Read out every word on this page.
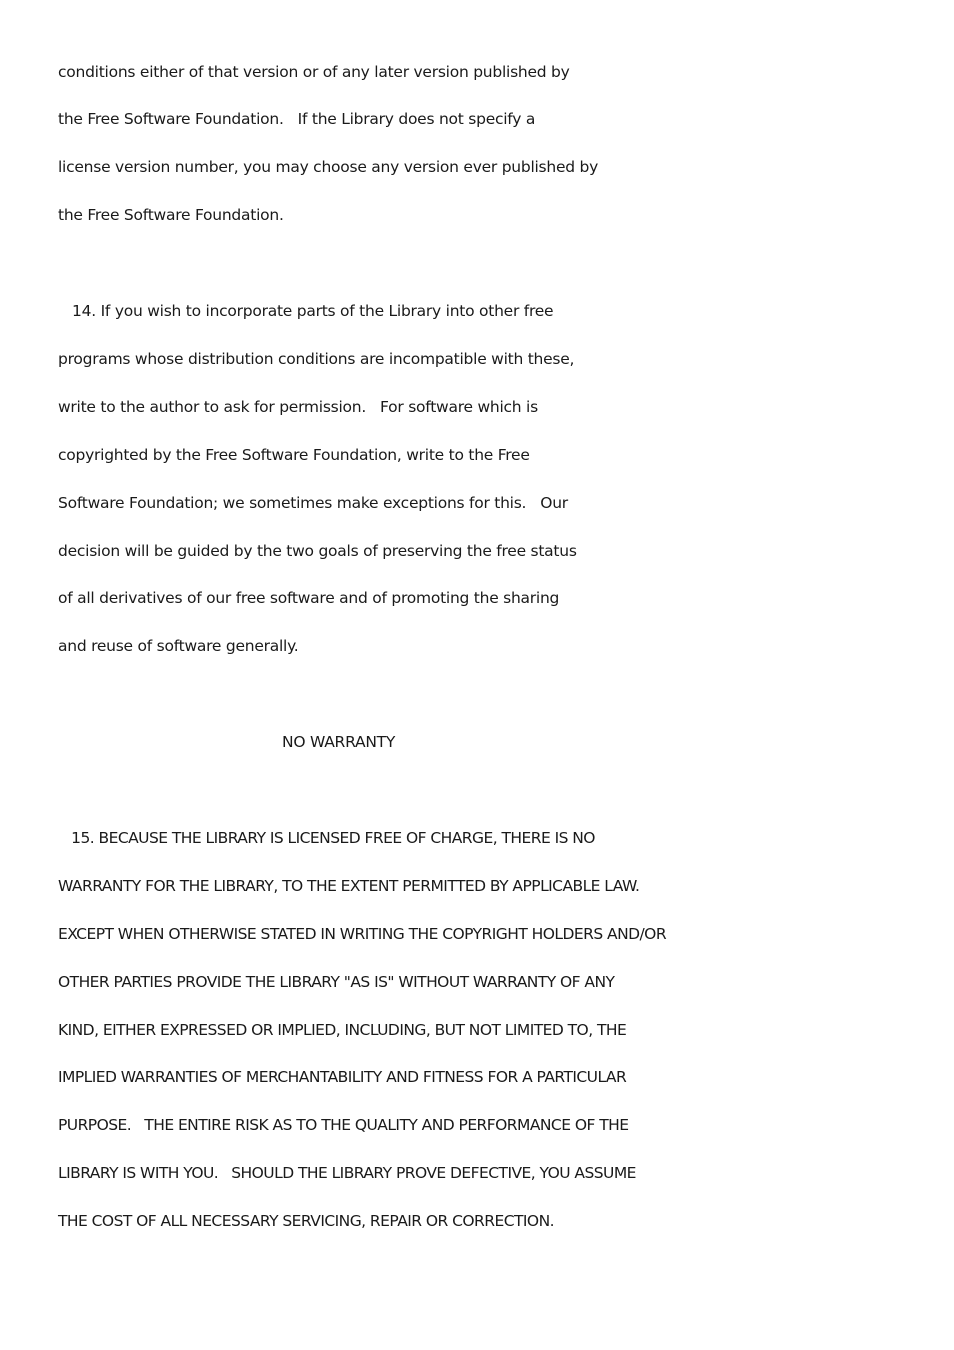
conditions either of that version or of any later version published by
the Free Software Foundation.   If the Library does not specify a
license version number, you may choose any version ever published by
the Free Software Foundation.
14. If you wish to incorporate parts of the Library into other free
programs whose distribution conditions are incompatible with these,
write to the author to ask for permission.   For software which is
copyrighted by the Free Software Foundation, write to the Free
Software Foundation; we sometimes make exceptions for this.   Our
decision will be guided by the two goals of preserving the free status
of all derivatives of our free software and of promoting the sharing
and reuse of software generally.
NO WARRANTY
15. BECAUSE THE LIBRARY IS LICENSED FREE OF CHARGE, THERE IS NO
WARRANTY FOR THE LIBRARY, TO THE EXTENT PERMITTED BY APPLICABLE LAW.
EXCEPT WHEN OTHERWISE STATED IN WRITING THE COPYRIGHT HOLDERS AND/OR
OTHER PARTIES PROVIDE THE LIBRARY "AS IS" WITHOUT WARRANTY OF ANY
KIND, EITHER EXPRESSED OR IMPLIED, INCLUDING, BUT NOT LIMITED TO, THE
IMPLIED WARRANTIES OF MERCHANTABILITY AND FITNESS FOR A PARTICULAR
PURPOSE.   THE ENTIRE RISK AS TO THE QUALITY AND PERFORMANCE OF THE
LIBRARY IS WITH YOU.   SHOULD THE LIBRARY PROVE DEFECTIVE, YOU ASSUME
THE COST OF ALL NECESSARY SERVICING, REPAIR OR CORRECTION.
